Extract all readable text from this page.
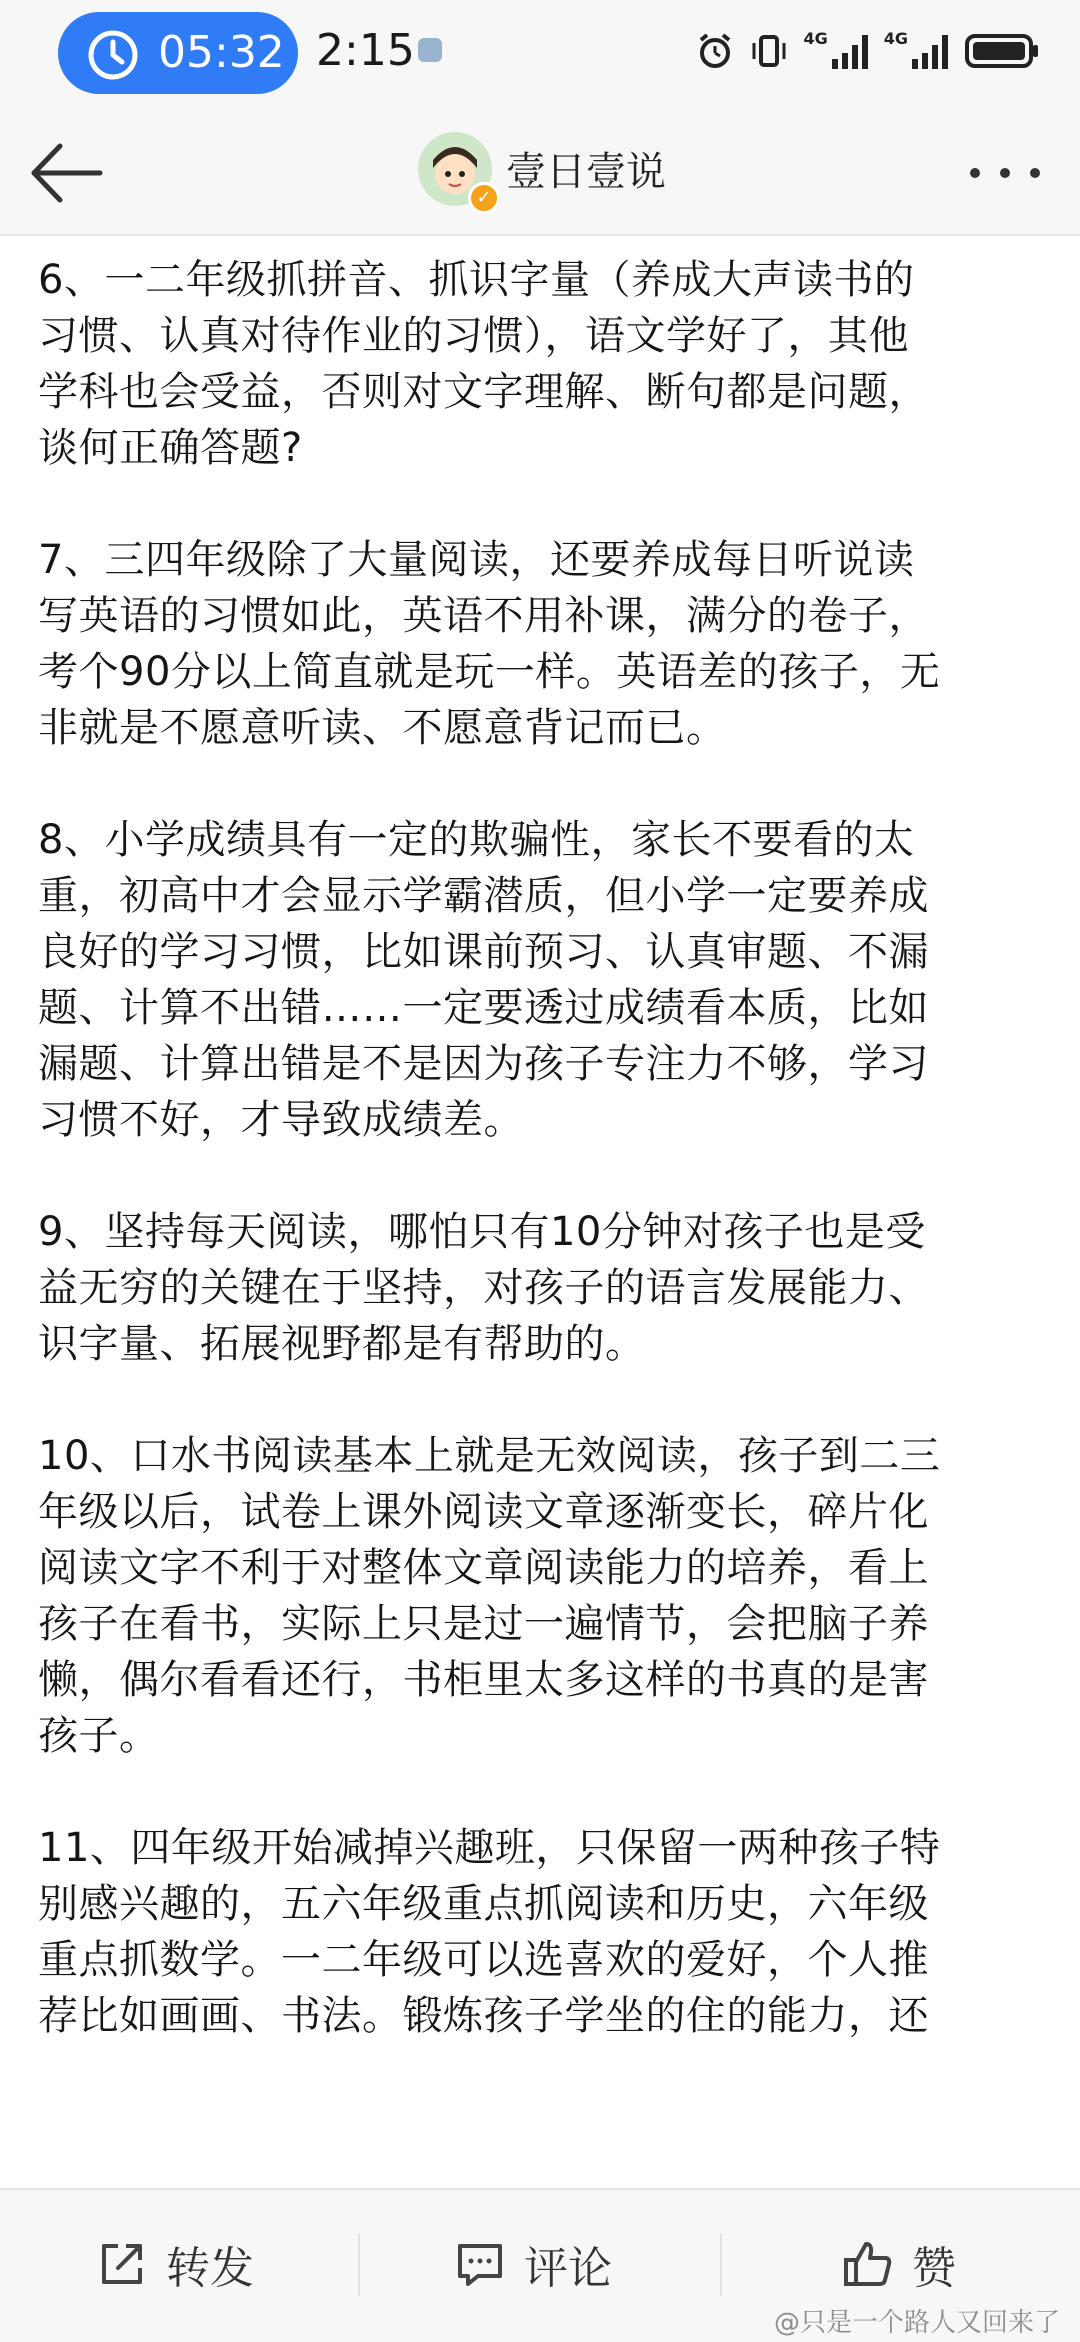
05:32 2:15	4G	4G
✓
壹日壹说
6、一二年级抓拼音、抓识字量（养成大声读书的
习惯、认真对待作业的习惯），语文学好了，其他
学科也会受益，否则对文字理解、断句都是问题，
谈何正确答题?
7、三四年级除了大量阅读，还要养成每日听说读
写英语的习惯如此，英语不用补课，满分的卷子，
考个90分以上简直就是玩一样。英语差的孩子，无
非就是不愿意听读、不愿意背记而已。
8、小学成绩具有一定的欺骗性，家长不要看的太
重，初高中才会显示学霸潜质，但小学一定要养成
良好的学习习惯，比如课前预习、认真审题、不漏
题、计算不出错……一定要透过成绩看本质，比如
漏题、计算出错是不是因为孩子专注力不够，学习
习惯不好，才导致成绩差。
9、坚持每天阅读，哪怕只有10分钟对孩子也是受
益无穷的关键在于坚持，对孩子的语言发展能力、
识字量、拓展视野都是有帮助的。
10、口水书阅读基本上就是无效阅读，孩子到二三
年级以后，试卷上课外阅读文章逐渐变长，碎片化
阅读文字不利于对整体文章阅读能力的培养，看上
孩子在看书，实际上只是过一遍情节，会把脑子养
懒，偶尔看看还行，书柜里太多这样的书真的是害
孩子。
11、四年级开始减掉兴趣班，只保留一两种孩子特
别感兴趣的，五六年级重点抓阅读和历史，六年级
重点抓数学。一二年级可以选喜欢的爱好，个人推
荐比如画画、书法。锻炼孩子学坐的住的能力，还
转发	评论	赞
@只是一个路人又回来了
